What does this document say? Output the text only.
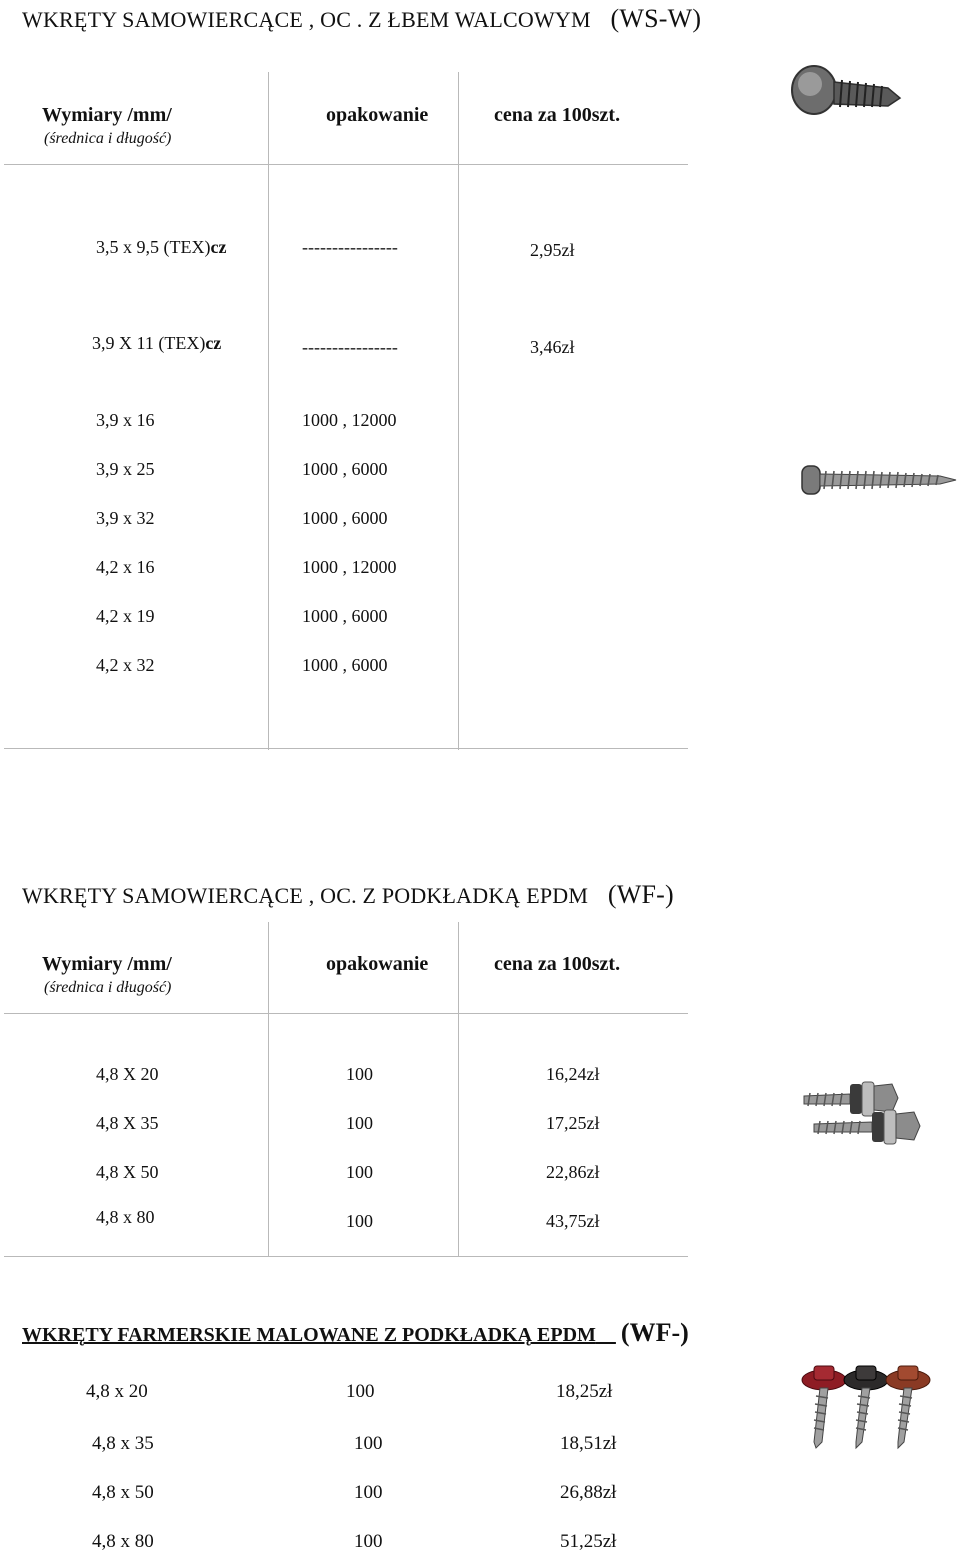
WKRĘTY SAMOWIERCĄCE , OC . Z ŁBEM WALCOWYM (WS-W)
Wymiary /mm/
(średnica i długość)
opakowanie	cena za 100szt.
3,5 x 9,5 (TEX)cz	----------------	2,95zł
3,9 X 11 (TEX)cz	----------------	3,46zł
3,9 x 16	1000 , 12000
3,9 x 25	1000 , 6000
3,9 x 32	1000 , 6000
4,2 x 16	1000 , 12000
4,2 x 19	1000 , 6000
4,2 x 32	1000 , 6000
WKRĘTY SAMOWIERCĄCE , OC. Z PODKŁADKĄ EPDM (WF-)
Wymiary /mm/
(średnica i długość)
opakowanie	cena za 100szt.
4,8 X 20	100	16,24zł
4,8 X 35	100	17,25zł
4,8 X 50	100	22,86zł
4,8 x 80	100	43,75zł
WKRĘTY FARMERSKIE MALOWANE Z PODKŁADKĄ EPDM (WF-)
4,8 x 20	100	18,25zł
4,8 x 35	100	18,51zł
4,8 x 50	100	26,88zł
4,8 x 80	100	51,25zł
